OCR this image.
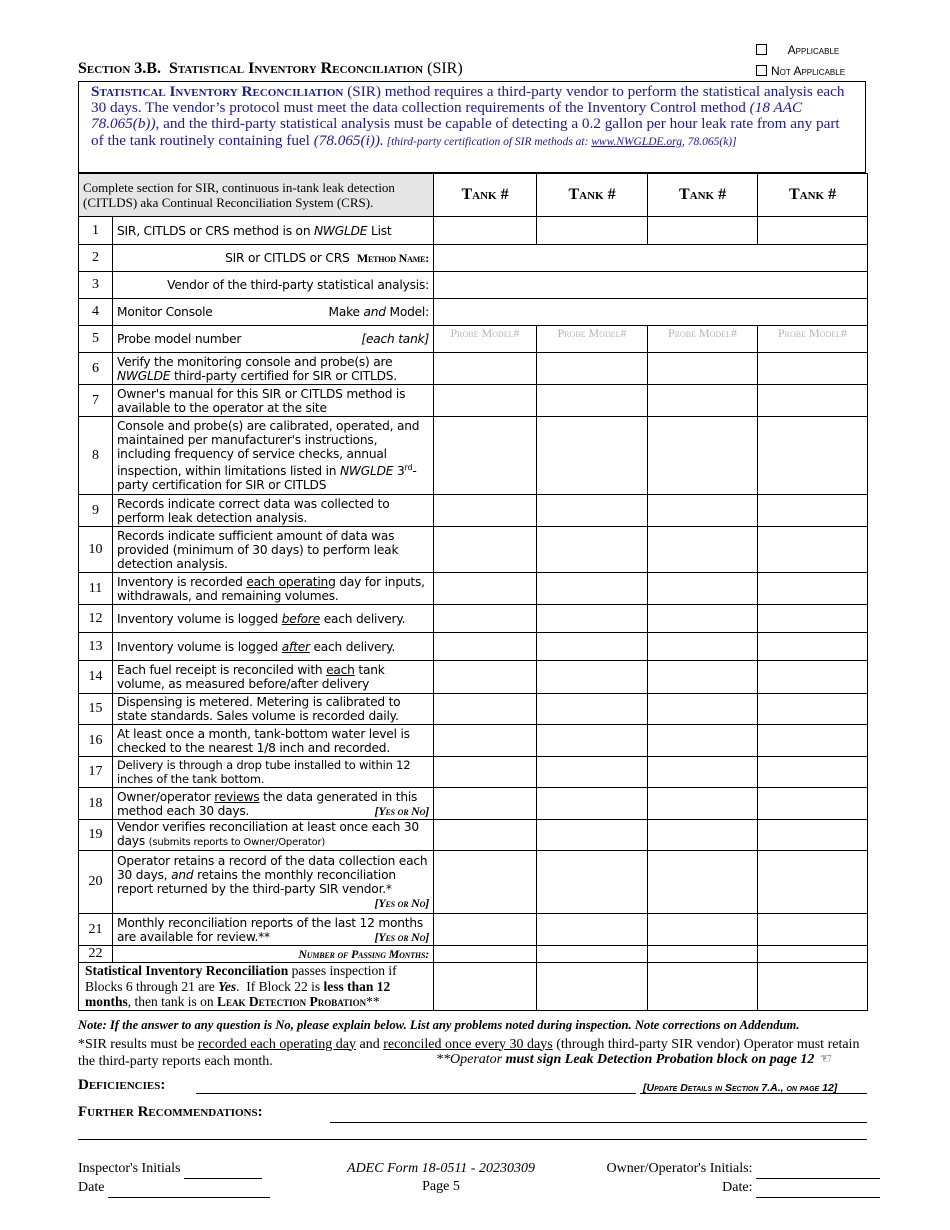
Section 3.B. Statistical Inventory Reconciliation (SIR)
Applicable
Not Applicable
Statistical Inventory Reconciliation (SIR) method requires a third-party vendor to perform the statistical analysis each 30 days. The vendor’s protocol must meet the data collection requirements of the Inventory Control method (18 AAC 78.065(b)), and the third-party statistical analysis must be capable of detecting a 0.2 gallon per hour leak rate from any part of the tank routinely containing fuel (78.065(i)). [third-party certification of SIR methods at: www.NWGLDE.org, 78.065(k)]
Complete section for SIR, continuous in-tank leak detection (CITLDS) aka Continual Reconciliation System (CRS).		Tank #	Tank #	Tank #	Tank #
1	SIR, CITLDS or CRS method is on NWGLDE List				
2	SIR or CITLDS or CRS  Method Name:				
3	Vendor of the third-party statistical analysis:				
4	Monitor Console Make and Model:				

5	Probe model number [each tank]	Probe Model#	Probe Model#	Probe Model#	Probe Model#
6	Verify the monitoring console and probe(s) are NWGLDE third-party certified for SIR or CITLDS.				
7	Owner's manual for this SIR or CITLDS method is available to the operator at the site				
8	Console and probe(s) are calibrated, operated, and maintained per manufacturer's instructions, including frequency of service checks, annual inspection, within limitations listed in NWGLDE 3rd-party certification for SIR or CITLDS				
9	Records indicate correct data was collected to perform leak detection analysis.				
10	Records indicate sufficient amount of data was provided (minimum of 30 days) to perform leak detection analysis.				
11	Inventory is recorded each operating day for inputs, withdrawals, and remaining volumes.				
12	Inventory volume is logged before each delivery.				
13	Inventory volume is logged after each delivery.				
14	Each fuel receipt is reconciled with each tank volume, as measured before/after delivery				
15	Dispensing is metered. Metering is calibrated to state standards. Sales volume is recorded daily.				
16	At least once a month, tank-bottom water level is checked to the nearest 1/8 inch and recorded.				
17	Delivery is through a drop tube installed to within 12 inches of the tank bottom.				
18	Owner/operator reviews the data generated in this method each 30 days. [Yes or No]				

19	Vendor verifies reconciliation at least once each 30 days (submits reports to Owner/Operator)				
20	Operator retains a record of the data collection each 30 days, and retains the monthly reconciliation report returned by the third-party SIR vendor.*
[Yes or No]				

21	Monthly reconciliation reports of the last 12 months are available for review.** [Yes or No]				

22	Number of Passing Months:				
Statistical Inventory Reconciliation passes inspection if Blocks 6 through 21 are Yes.  If Block 22 is less than 12 months, then tank is on Leak Detection Probation**					
Note: If the answer to any question is No, please explain below. List any problems noted during inspection. Note corrections on Addendum.
*SIR results must be recorded each operating day and reconciled once every 30 days (through third-party SIR vendor) Operator must retain the third-party reports each month.	**Operator must sign Leak Detection Probation block on page 12 ☜
Deficiencies:	[Update Details in Section 7.A., on page 12]
Further Recommendations:
Inspector's Initials
Date
ADEC Form 18-0511 - 20230309
Page 5
Owner/Operator's Initials:
Date:
